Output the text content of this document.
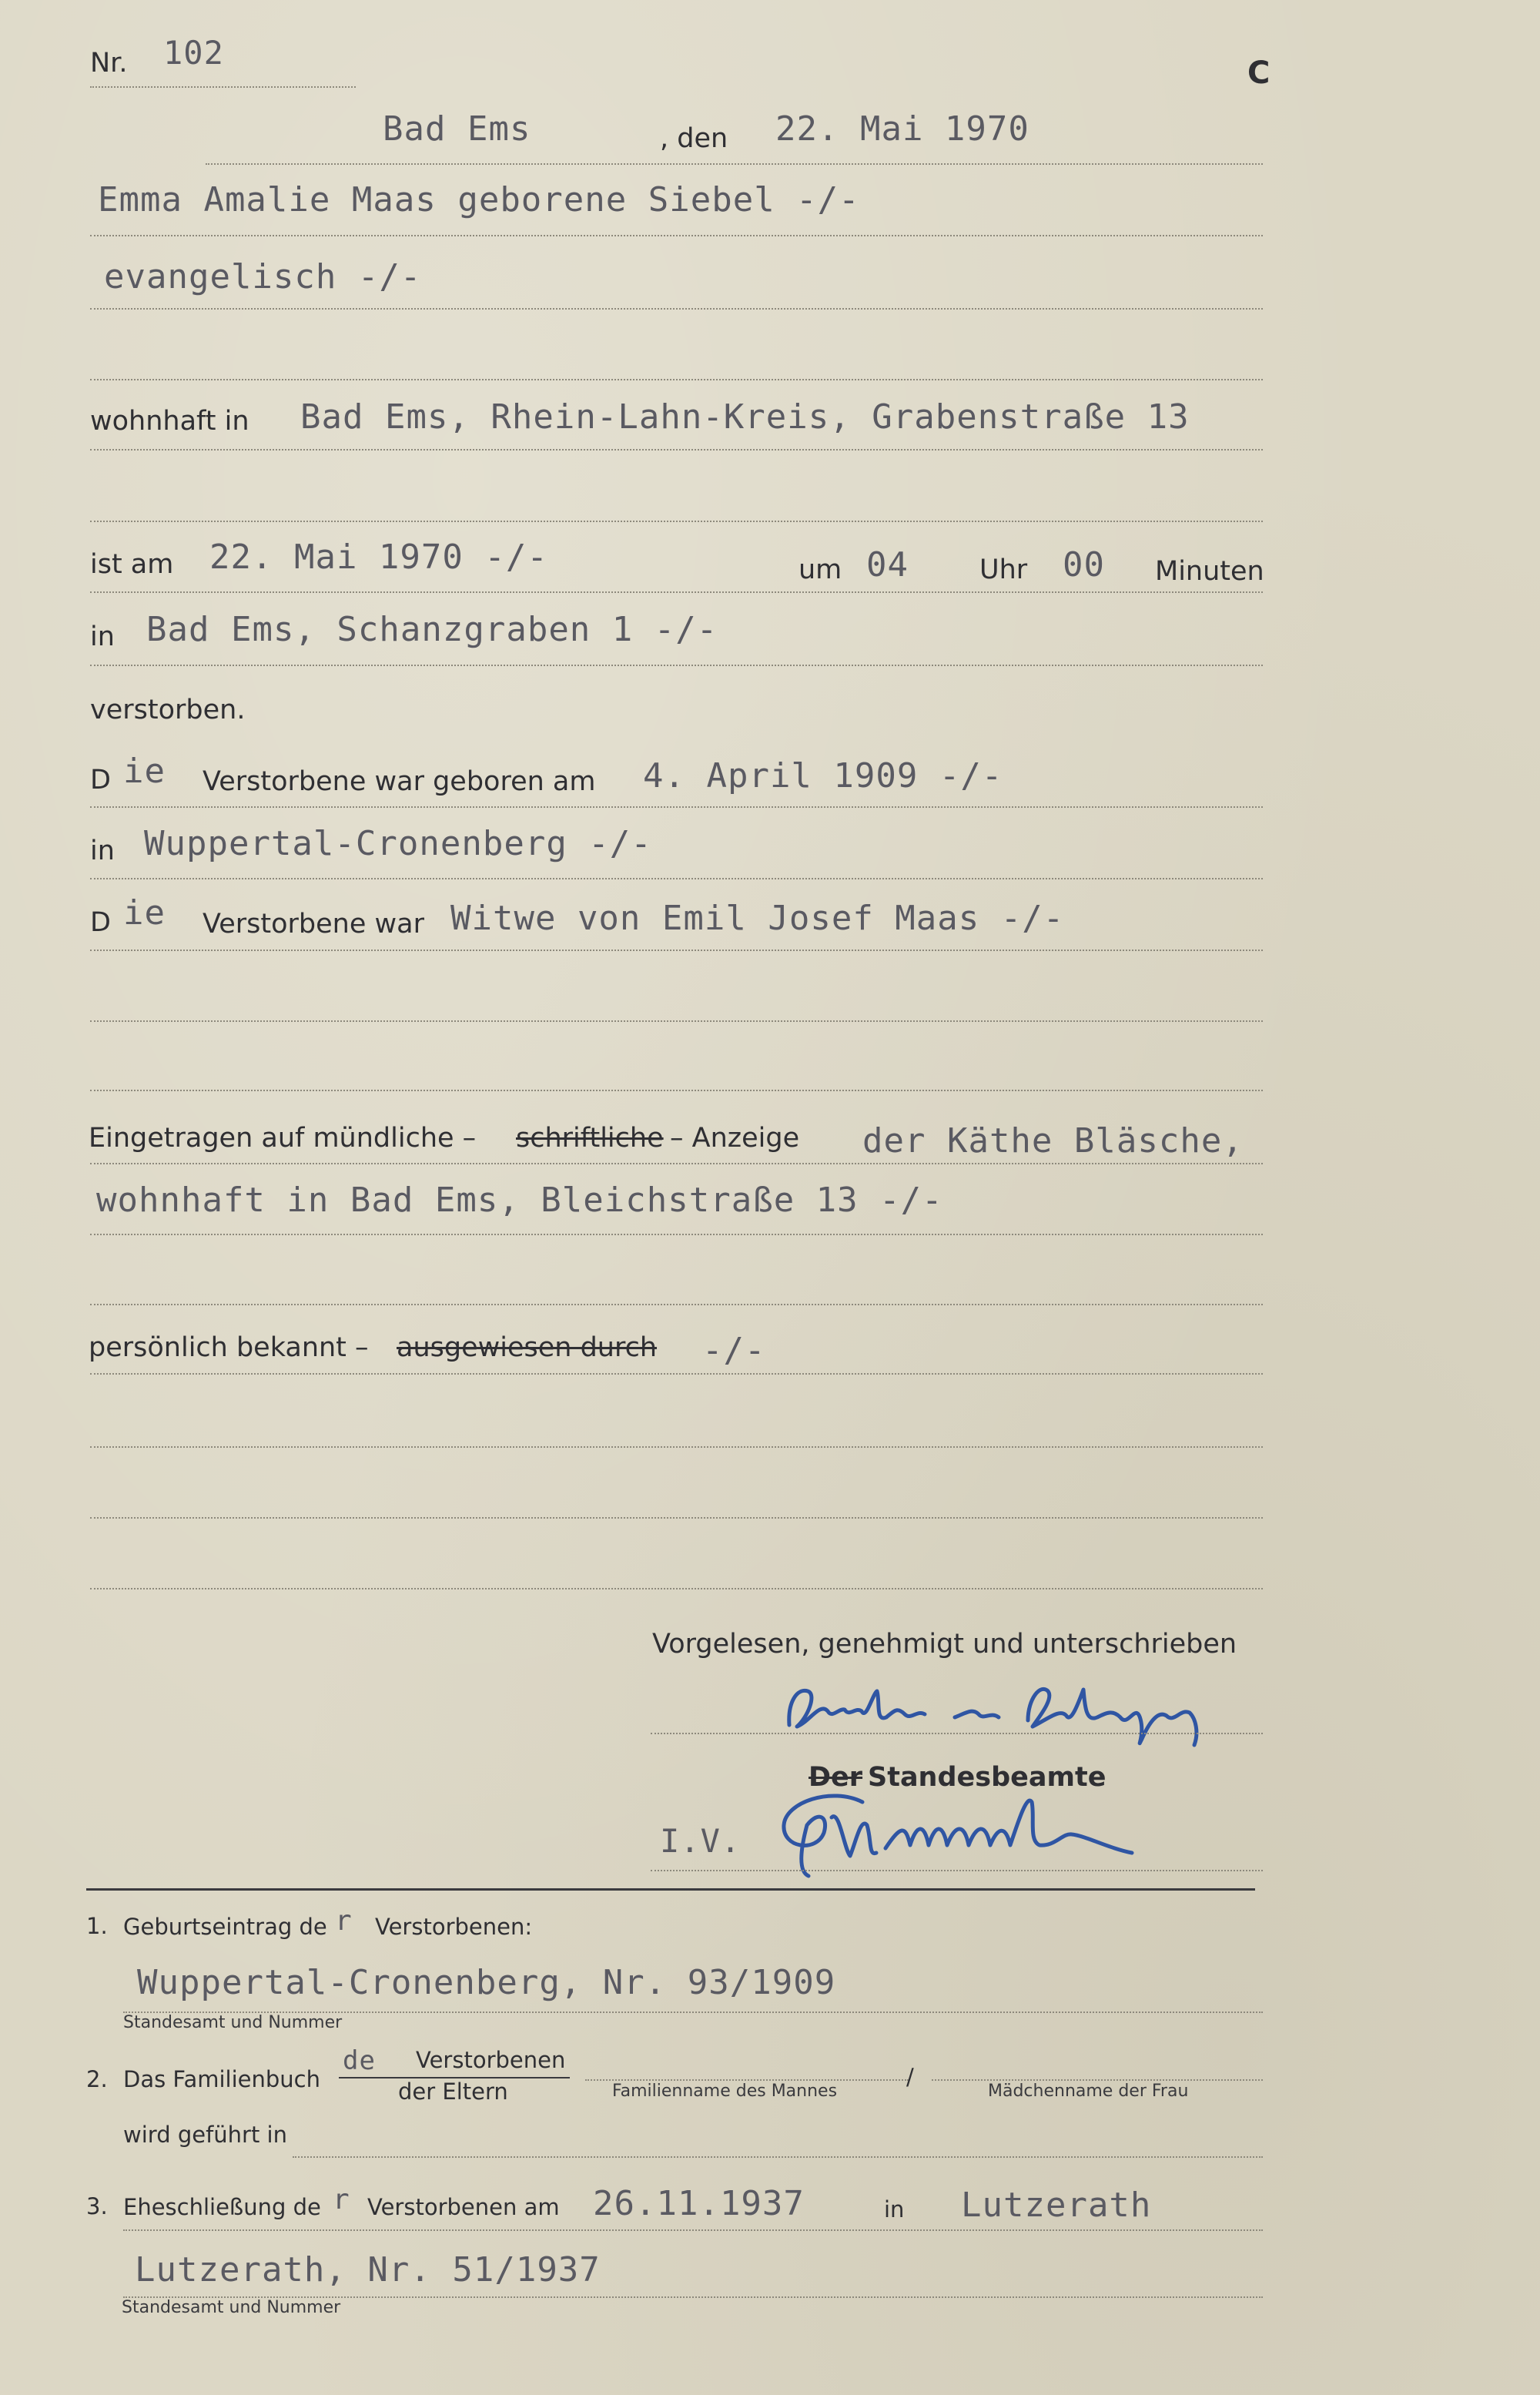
Nr. 102
C
Bad Ems	, den 22. Mai 1970
Emma Amalie Maas geborene Siebel -/-
evangelisch -/-
wohnhaft in Bad Ems, Rhein-Lahn-Kreis, Grabenstraße 13
ist am 22. Mai 1970 -/-	um 04	Uhr 00 Minuten
in Bad Ems, Schanzgraben 1 -/-
verstorben.
D ie Verstorbene war geboren am 4. April 1909 -/-
in Wuppertal-Cronenberg -/-
D ie Verstorbene war Witwe von Emil Josef Maas -/-
Eingetragen auf mündliche – schriftliche – Anzeige der Käthe Bläsche,
wohnhaft in Bad Ems, Bleichstraße 13 -/-
persönlich bekannt – ausgewiesen durch -/-
Vorgelesen, genehmigt und unterschrieben
Der Standesbeamte
I.V.
1. Geburtseintrag de r Verstorbenen:
Wuppertal-Cronenberg, Nr. 93/1909
Standesamt und Nummer
2. Das Familienbuch
de Verstorbenen
der Eltern	Familienname des Mannes
/
Mädchenname der Frau
wird geführt in
3. Eheschließung de r Verstorbenen am 26.11.1937	in Lutzerath
Lutzerath, Nr. 51/1937
Standesamt und Nummer
